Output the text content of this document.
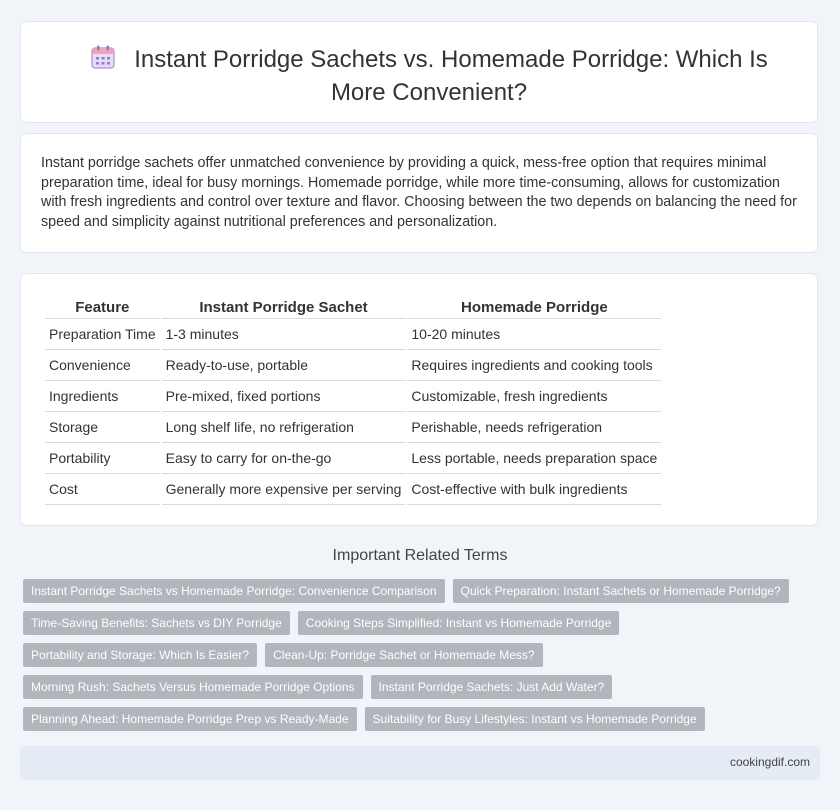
Instant Porridge Sachets vs. Homemade Porridge: Which Is More Convenient?

Instant porridge sachets offer unmatched convenience by providing a quick, mess-free option that requires minimal preparation time, ideal for busy mornings. Homemade porridge, while more time-consuming, allows for customization with fresh ingredients and control over texture and flavor. Choosing between the two depends on balancing the need for speed and simplicity against nutritional preferences and personalization.

Feature	Instant Porridge Sachet	Homemade Porridge
Preparation Time	1-3 minutes	10-20 minutes
Convenience	Ready-to-use, portable	Requires ingredients and cooking tools
Ingredients	Pre-mixed, fixed portions	Customizable, fresh ingredients
Storage	Long shelf life, no refrigeration	Perishable, needs refrigeration
Portability	Easy to carry for on-the-go	Less portable, needs preparation space
Cost	Generally more expensive per serving	Cost-effective with bulk ingredients
Important Related Terms
Instant Porridge Sachets vs Homemade Porridge: Convenience Comparison	Quick Preparation: Instant Sachets or Homemade Porridge?
Time-Saving Benefits: Sachets vs DIY Porridge	Cooking Steps Simplified: Instant vs Homemade Porridge
Portability and Storage: Which Is Easier?	Clean-Up: Porridge Sachet or Homemade Mess?
Morning Rush: Sachets Versus Homemade Porridge Options	Instant Porridge Sachets: Just Add Water?
Planning Ahead: Homemade Porridge Prep vs Ready-Made	Suitability for Busy Lifestyles: Instant vs Homemade Porridge
cookingdif.com
